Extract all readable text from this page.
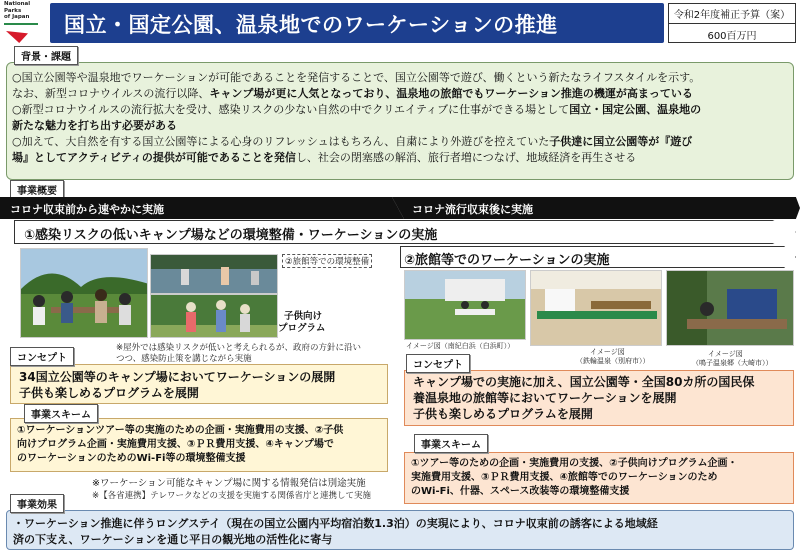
National
Parks
of Japan	国立・国定公園、温泉地でのワーケーションの推進	令和2年度補正予算（案）
600百万円
○国立公園等や温泉地でワーケーションが可能であることを発信することで、国立公園等で遊び、働くという新たなライフスタイルを示す。
なお、新型コロナウイルスの流行以降、キャンプ場が更に人気となっており、温泉地の旅館でもワーケーション推進の機運が高まっている
○新型コロナウイルスの流行拡大を受け、感染リスクの少ない自然の中でクリエイティブに仕事ができる場として国立・国定公園、温泉地の
新たな魅力を打ち出す必要がある
○加えて、大自然を有する国立公園等による心身のリフレッシュはもちろん、自粛により外遊びを控えていた子供達に国立公園等が『遊び
場』としてアクティビティの提供が可能であることを発信し、社会の閉塞感の解消、旅行者増につなげ、地域経済を再生させる
背景・課題
事業概要
コロナ収束前から速やかに実施	コロナ流行収束後に実施
①感染リスクの低いキャンプ場などの環境整備・ワーケーションの実施
②旅館等でのワーケーションの実施
②旅館等での環境整備
子供向け
プログラム
※屋外では感染リスクが低いと考えられるが、政府の方針に沿い
つつ、感染防止策を講じながら実施
イメージ図（南紀白浜（白浜町））
イメージ図
（鉄輪温泉（別府市））
イメージ図
（鳴子温泉郷（大崎市））
34国立公園等のキャンプ場においてワーケーションの展開
子供も楽しめるプログラムを展開
コンセプト
①ワーケーションツアー等の実施のための企画・実施費用の支援、②子供
向けプログラム企画・実施費用支援、③ＰＲ費用支援、④キャンプ場で
のワーケーションのためのWi-Fi等の環境整備支援
事業スキーム
※ワーケーション可能なキャンプ場に関する情報発信は別途実施
※【各省連携】テレワークなどの支援を実施する関係省庁と連携して実施
キャンプ場での実施に加え、国立公園等・全国80カ所の国民保
養温泉地の旅館等においてワーケーションを展開
子供も楽しめるプログラムを展開
コンセプト
①ツアー等のための企画・実施費用の支援、②子供向けプログラム企画・
実施費用支援、③ＰＲ費用支援、④旅館等でのワーケーションのため
のWi-Fi、什器、スペース改装等の環境整備支援
事業スキーム
・ワーケーション推進に伴うロングステイ（現在の国立公園内平均宿泊数1.3泊）の実現により、コロナ収束前の誘客による地域経
済の下支え、ワーケーションを通じ平日の観光地の活性化に寄与
事業効果
